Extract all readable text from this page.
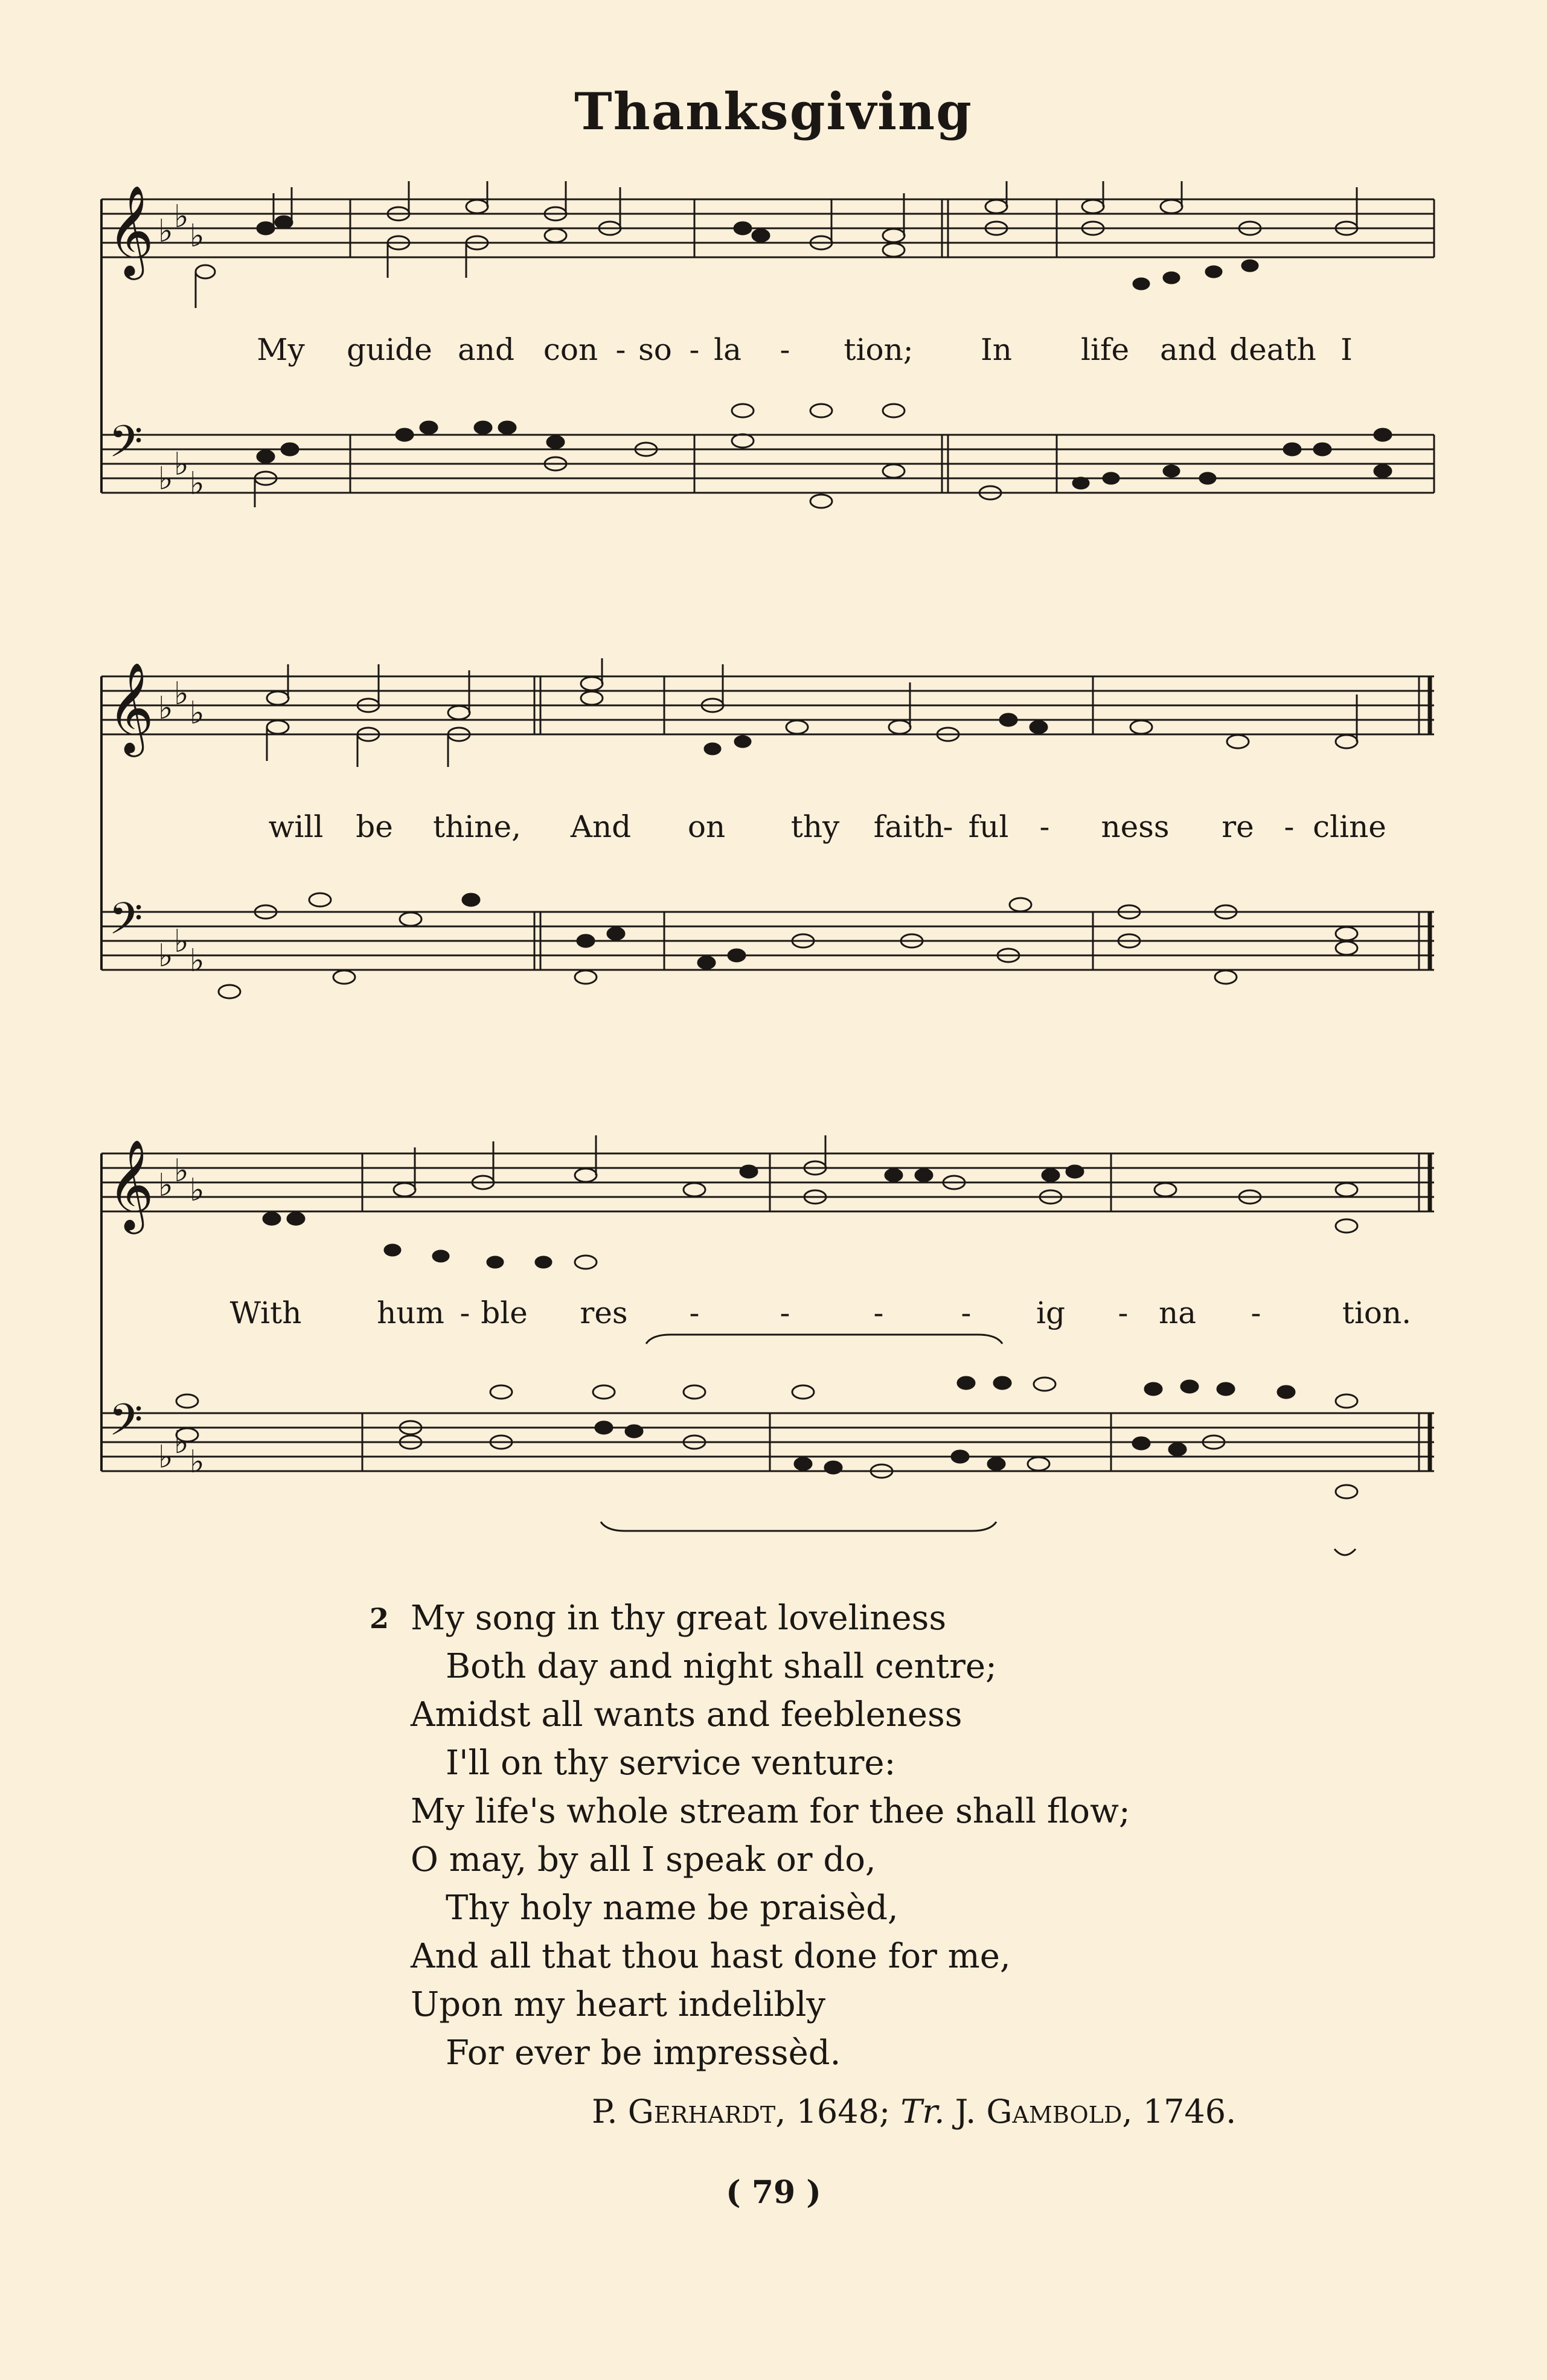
Thanksgiving
𝄞
𝄢
♭ ♭
♭
♭ ♭
♭
My guide and con - so - la - tion; In life and death I
𝄞
𝄢
♭ ♭
♭
♭ ♭
♭
will be thine, And on thy faith
- ful - ness re - cline
𝄞
𝄢
♭ ♭
♭
♭ ♭
♭
With hum - ble res -	-	-	- ig - na -	tion.
2 My song in thy great loveliness
Both day and night shall centre;
Amidst all wants and feebleness
I'll on thy service venture:
My life's whole stream for thee shall flow;
O may, by all I speak or do,
Thy holy name be praisèd,
And all that thou hast done for me,
Upon my heart indelibly
For ever be impressèd.
P. Gerhardt, 1648; Tr. J. Gambold, 1746.
( 79 )
